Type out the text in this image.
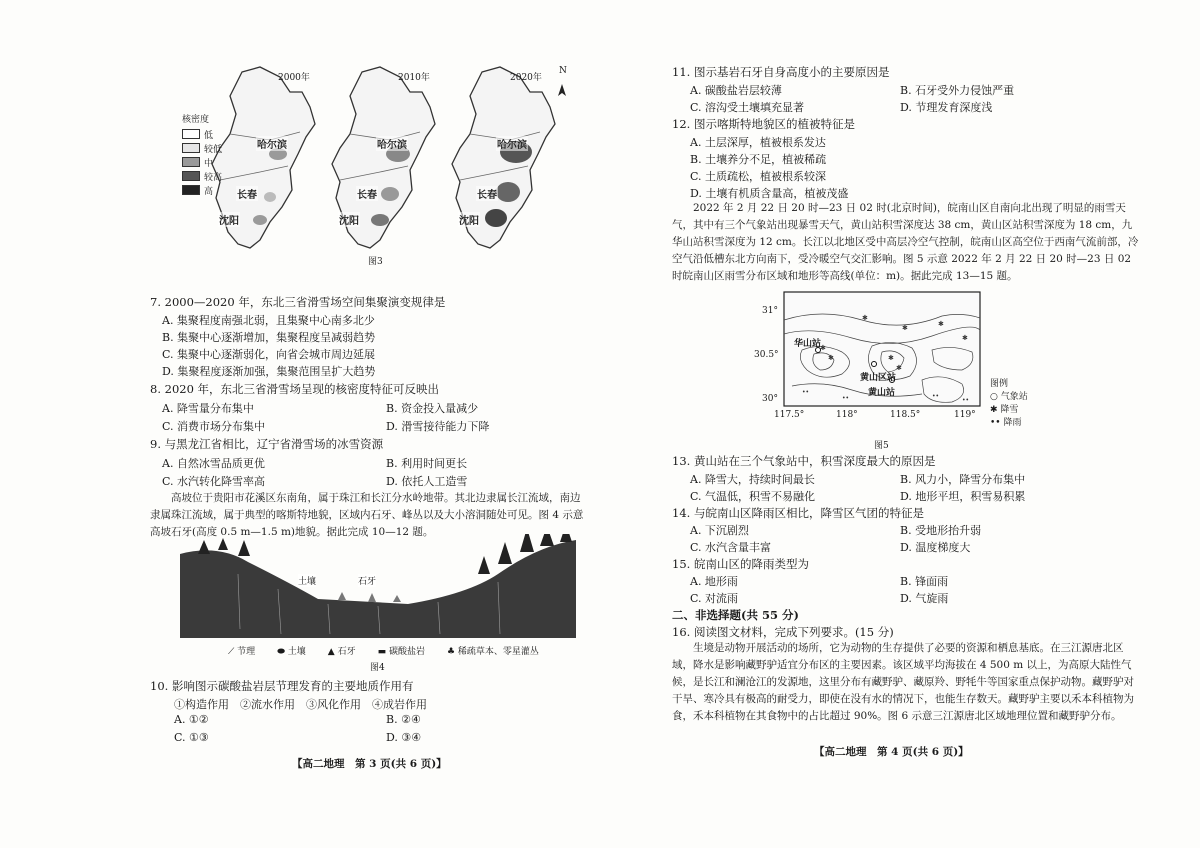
2000年	2010年	2020年
N
哈尔滨
长春
沈阳
哈尔滨
长春
沈阳
哈尔滨
长春
沈阳
图3
核密度
低
较低
中
较高
高
7. 2000—2020 年，东北三省滑雪场空间集聚演变规律是
A. 集聚程度南强北弱，且集聚中心南多北少
B. 集聚中心逐渐增加，集聚程度呈减弱趋势
C. 集聚中心逐渐弱化，向省会城市周边延展
D. 集聚程度逐渐加强，集聚范围呈扩大趋势
8. 2020 年，东北三省滑雪场呈现的核密度特征可反映出
A. 降雪量分布集中	B. 资金投入量减少
C. 消费市场分布集中	D. 滑雪接待能力下降
9. 与黑龙江省相比，辽宁省滑雪场的冰雪资源
A. 自然冰雪品质更优	B. 利用时间更长
C. 水汽转化降雪率高	D. 依托人工造雪
高坡位于贵阳市花溪区东南角，属于珠江和长江分水岭地带。其北边隶属长江流域，南边隶属珠江流域，属于典型的喀斯特地貌，区域内石牙、峰丛以及大小溶洞随处可见。图 4 示意高坡石牙(高度 0.5 m—1.5 m)地貌。据此完成 10—12 题。
土壤	石牙
⟋ 节理 ⬬ 土壤 ▲ 石牙 ▬ 碳酸盐岩 ♣ 稀疏草本、零星灌丛
图4
10. 影响图示碳酸盐岩层节理发育的主要地质作用有
①构造作用　②流水作用　③风化作用　④成岩作用
A. ①②	B. ②④
C. ①③	D. ③④
【高二地理　第 3 页(共 6 页)】
11. 图示基岩石牙自身高度小的主要原因是
A. 碳酸盐岩层较薄	B. 石牙受外力侵蚀严重
C. 溶沟受土壤填充显著	D. 节理发育深度浅
12. 图示喀斯特地貌区的植被特征是
A. 土层深厚，植被根系发达
B. 土壤养分不足，植被稀疏
C. 土质疏松，植被根系较深
D. 土壤有机质含量高，植被茂盛
2022 年 2 月 22 日 20 时—23 日 02 时(北京时间)，皖南山区自南向北出现了明显的雨雪天气，其中有三个气象站出现暴雪天气，黄山站积雪深度达 38 cm，黄山区站积雪深度为 18 cm，九华山站积雪深度为 12 cm。长江以北地区受中高层冷空气控制，皖南山区高空位于西南气流前部，冷空气沿低槽东北方向南下，受冷暖空气交汇影响。图 5 示意 2022 年 2 月 22 日 20 时—23 日 02 时皖南山区雨雪分布区域和地形等高线(单位：m)。据此完成 13—15 题。
✱
✱	✱
✱
✱
✱	✱
✱
••
••	••
••
31°
30.5°
30°
117.5°	118°	118.5°	119°
华山站
黄山区站
黄山站
图5
图例
○ 气象站
✱ 降雪
•• 降雨
13. 黄山站在三个气象站中，积雪深度最大的原因是
A. 降雪大，持续时间最长	B. 风力小，降雪分布集中
C. 气温低，积雪不易融化	D. 地形平坦，积雪易积累
14. 与皖南山区降雨区相比，降雪区气团的特征是
A. 下沉剧烈	B. 受地形抬升弱
C. 水汽含量丰富	D. 温度梯度大
15. 皖南山区的降雨类型为
A. 地形雨	B. 锋面雨
C. 对流雨	D. 气旋雨
二、非选择题(共 55 分)
16. 阅读图文材料，完成下列要求。(15 分)
生境是动物开展活动的场所，它为动物的生存提供了必要的资源和栖息基底。在三江源唐北区域，降水是影响藏野驴适宜分布区的主要因素。该区域平均海拔在 4 500 m 以上，为高原大陆性气候，是长江和澜沧江的发源地，这里分布有藏野驴、藏原羚、野牦牛等国家重点保护动物。藏野驴对干旱、寒冷具有极高的耐受力，即使在没有水的情况下，也能生存数天。藏野驴主要以禾本科植物为食，禾本科植物在其食物中的占比超过 90%。图 6 示意三江源唐北区域地理位置和藏野驴分布。
【高二地理　第 4 页(共 6 页)】
